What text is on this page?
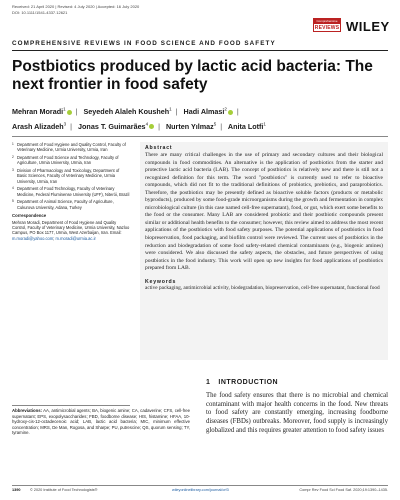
Received: 21 April 2020 | Revised: 4 July 2020 | Accepted: 16 July 2020
DOI: 10.1111/1541-4337.12621
Comprehensive
REVIEWS WILEY
COMPREHENSIVE REVIEWS IN FOOD SCIENCE AND FOOD SAFETY
Postbiotics produced by lactic acid bacteria: The next frontier in food safety
Mehran Moradi$^1$ | Seyedeh Alaleh Kousheh$^1$ | Hadi Almasi$^2$ |
Arash Alizadeh$^3$ | Jonas T. Guimarães$^4$ | Nurten Yılmaz$^5$ | Anita Lotfi$^1$
1 Department of Food Hygiene and Quality Control, Faculty of Veterinary Medicine, Urmia University, Urmia, Iran
2 Department of Food Science and Technology, Faculty of Agriculture, Urmia University, Urmia, Iran
3 Division of Pharmacology and Toxicology, Department of Basic Sciences, Faculty of Veterinary Medicine, Urmia University, Urmia, Iran
4 Department of Food Technology, Faculty of Veterinary Medicine, Federal Fluminense University (UFF), Niterói, Brazil
5 Department of Animal Science, Faculty of Agriculture, Cukurova University, Adana, Turkey
Correspondence
Mehran Moradi, Department of Food Hygiene and Quality Control, Faculty of Veterinary Medicine, Urmia University, Nazloo Campus, PO Box 1177, Urmia, West Azerbaijan, Iran. Email: m.moradi@yahoo.com; m.moradi@urmia.ac.ir
Abstract

There are many critical challenges in the use of primary and secondary cultures and their biological compounds in food commodities. An alternative is the application of postbiotics from the starter and protective lactic acid bacteria (LAB). The concept of postbiotics is relatively new and there is still not a recognized definition for this term. The word "postbiotics" is currently used to refer to bioactive compounds, which did not fit to the traditional definitions of probiotics, prebiotics, and paraprobiotics. Therefore, the postbiotics may be presently defined as bioactive soluble factors (products or metabolic byproducts), produced by some food-grade microorganisms during the growth and fermentation in complex microbiological culture (in this case named cell-free supernatant), food, or gut, which exert some benefits to the food or the consumer. Many LAB are considered probiotic and their postbiotic compounds present similar or additional health benefits to the consumer; however, this review aimed to address the most recent applications of the postbiotics with food safety purposes. The potential applications of postbiotics in food biopreservation, food packaging, and biofilm control were reviewed. The current uses of postbiotics in the reduction and biodegradation of some food safety-related chemical contaminants (e.g., biogenic amines) were considered. We also discussed the safety aspects, the obstacles, and future perspectives of using postbiotics in the food industry. This work will open up new insights for food applications of postbiotics prepared from LAB.

Keywords

active packaging, antimicrobial activity, biodegradation, biopreservation, cell-free supernatant, functional food

1 INTRODUCTION

The food safety ensures that there is no microbial and chemical contaminant with major health concerns in the food. New threats to food safety are constantly emerging, increasing foodborne diseases (FBDs) outbreaks. Moreover, food supply is increasingly globalized and this requires greater attention to food safety issues

Abbreviations: AA, antimicrobial agents; BA, biogenic amine; CA, cadaverine; CFS, cell-free supernatant; EPS, exopolysaccharides; FBD, foodborne disease; HIS, histamine; HFAA, 10-hydroxy-cis-12-octadecenoic acid; LAB, lactic acid bacteria; MIC, minimum effective concentration; MRS, De Man, Rogosa, and Sharpe; PU, putrescine; QS, quorum sensing; TY, tyramine.

1390	© 2020 Institute of Food Technologists®	wileyonlinelibrary.com/journal/crf3	Compr Rev Food Sci Food Saf. 2020;19:1390–1435.
